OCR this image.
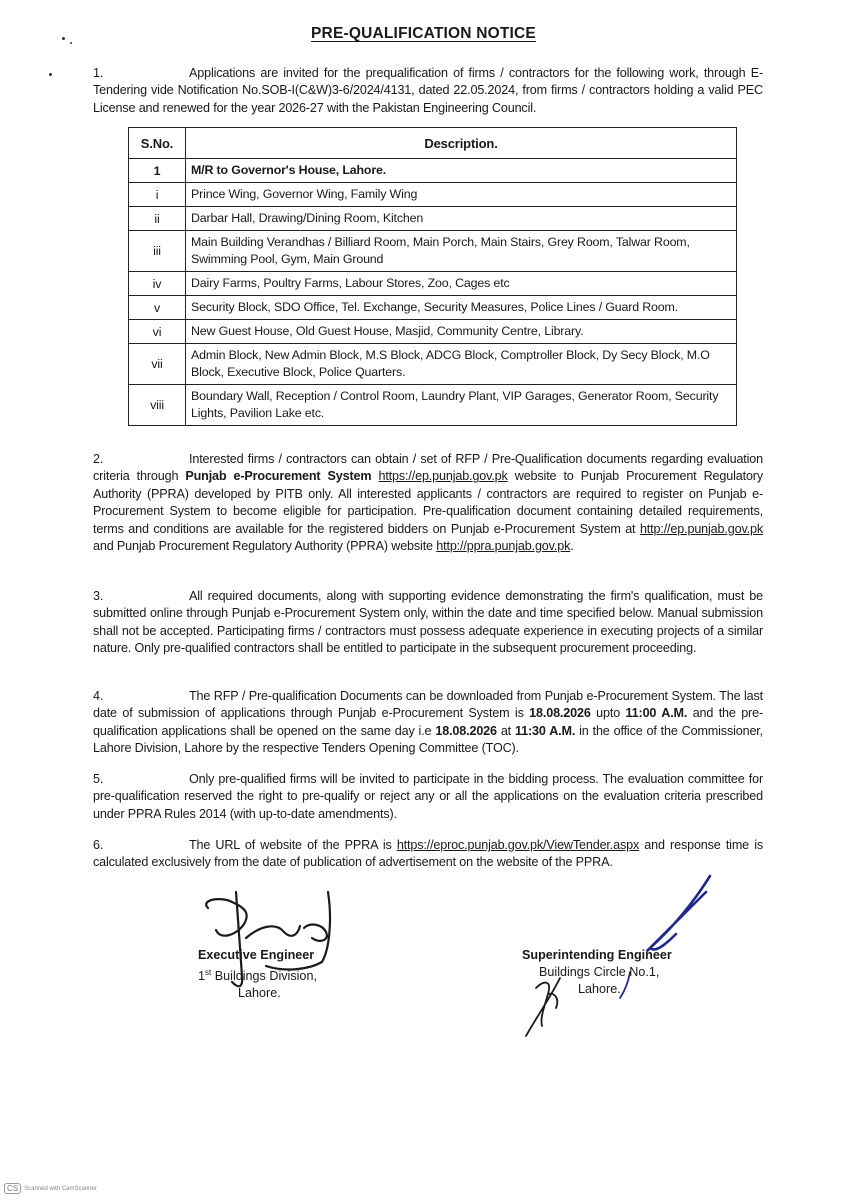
PRE-QUALIFICATION NOTICE
1.	Applications are invited for the prequalification of firms / contractors for the following work, through E-Tendering vide Notification No.SOB-I(C&W)3-6/2024/4131, dated 22.05.2024, from firms / contractors holding a valid PEC License and renewed for the year 2026-27 with the Pakistan Engineering Council.
S.No.	Description.
1	M/R to Governor's House, Lahore.
i	Prince Wing, Governor Wing, Family Wing
ii	Darbar Hall, Drawing/Dining Room, Kitchen
iii	Main Building Verandhas / Billiard Room, Main Porch, Main Stairs, Grey Room, Talwar Room, Swimming Pool, Gym, Main Ground
iv	Dairy Farms, Poultry Farms, Labour Stores, Zoo, Cages etc
v	Security Block, SDO Office, Tel. Exchange, Security Measures, Police Lines / Guard Room.
vi	New Guest House, Old Guest House, Masjid, Community Centre, Library.
vii	Admin Block, New Admin Block, M.S Block, ADCG Block, Comptroller Block, Dy Secy Block, M.O Block, Executive Block, Police Quarters.
viii	Boundary Wall, Reception / Control Room, Laundry Plant, VIP Garages, Generator Room, Security Lights, Pavilion Lake etc.
2.	Interested firms / contractors can obtain / set of RFP / Pre-Qualification documents regarding evaluation criteria through Punjab e-Procurement System https://ep.punjab.gov.pk website to Punjab Procurement Regulatory Authority (PPRA) developed by PITB only. All interested applicants / contractors are required to register on Punjab e-Procurement System to become eligible for participation. Pre-qualification document containing detailed requirements, terms and conditions are available for the registered bidders on Punjab e-Procurement System at http://ep.punjab.gov.pk and Punjab Procurement Regulatory Authority (PPRA) website http://ppra.punjab.gov.pk.
3.	All required documents, along with supporting evidence demonstrating the firm's qualification, must be submitted online through Punjab e-Procurement System only, within the date and time specified below. Manual submission shall not be accepted. Participating firms / contractors must possess adequate experience in executing projects of a similar nature. Only pre-qualified contractors shall be entitled to participate in the subsequent procurement proceeding.
4.	The RFP / Pre-qualification Documents can be downloaded from Punjab e-Procurement System. The last date of submission of applications through Punjab e-Procurement System is 18.08.2026 upto 11:00 A.M. and the pre-qualification applications shall be opened on the same day i.e 18.08.2026 at 11:30 A.M. in the office of the Commissioner, Lahore Division, Lahore by the respective Tenders Opening Committee (TOC).
5.	Only pre-qualified firms will be invited to participate in the bidding process. The evaluation committee for pre-qualification reserved the right to pre-qualify or reject any or all the applications on the evaluation criteria prescribed under PPRA Rules 2014 (with up-to-date amendments).
6.	The URL of website of the PPRA is https://eproc.punjab.gov.pk/ViewTender.aspx and response time is calculated exclusively from the date of publication of advertisement on the website of the PPRA.
Executive Engineer
1st Buildings Division,
Lahore.
Superintending Engineer
Buildings Circle No.1,
Lahore.
CS	Scanned with CamScanner
